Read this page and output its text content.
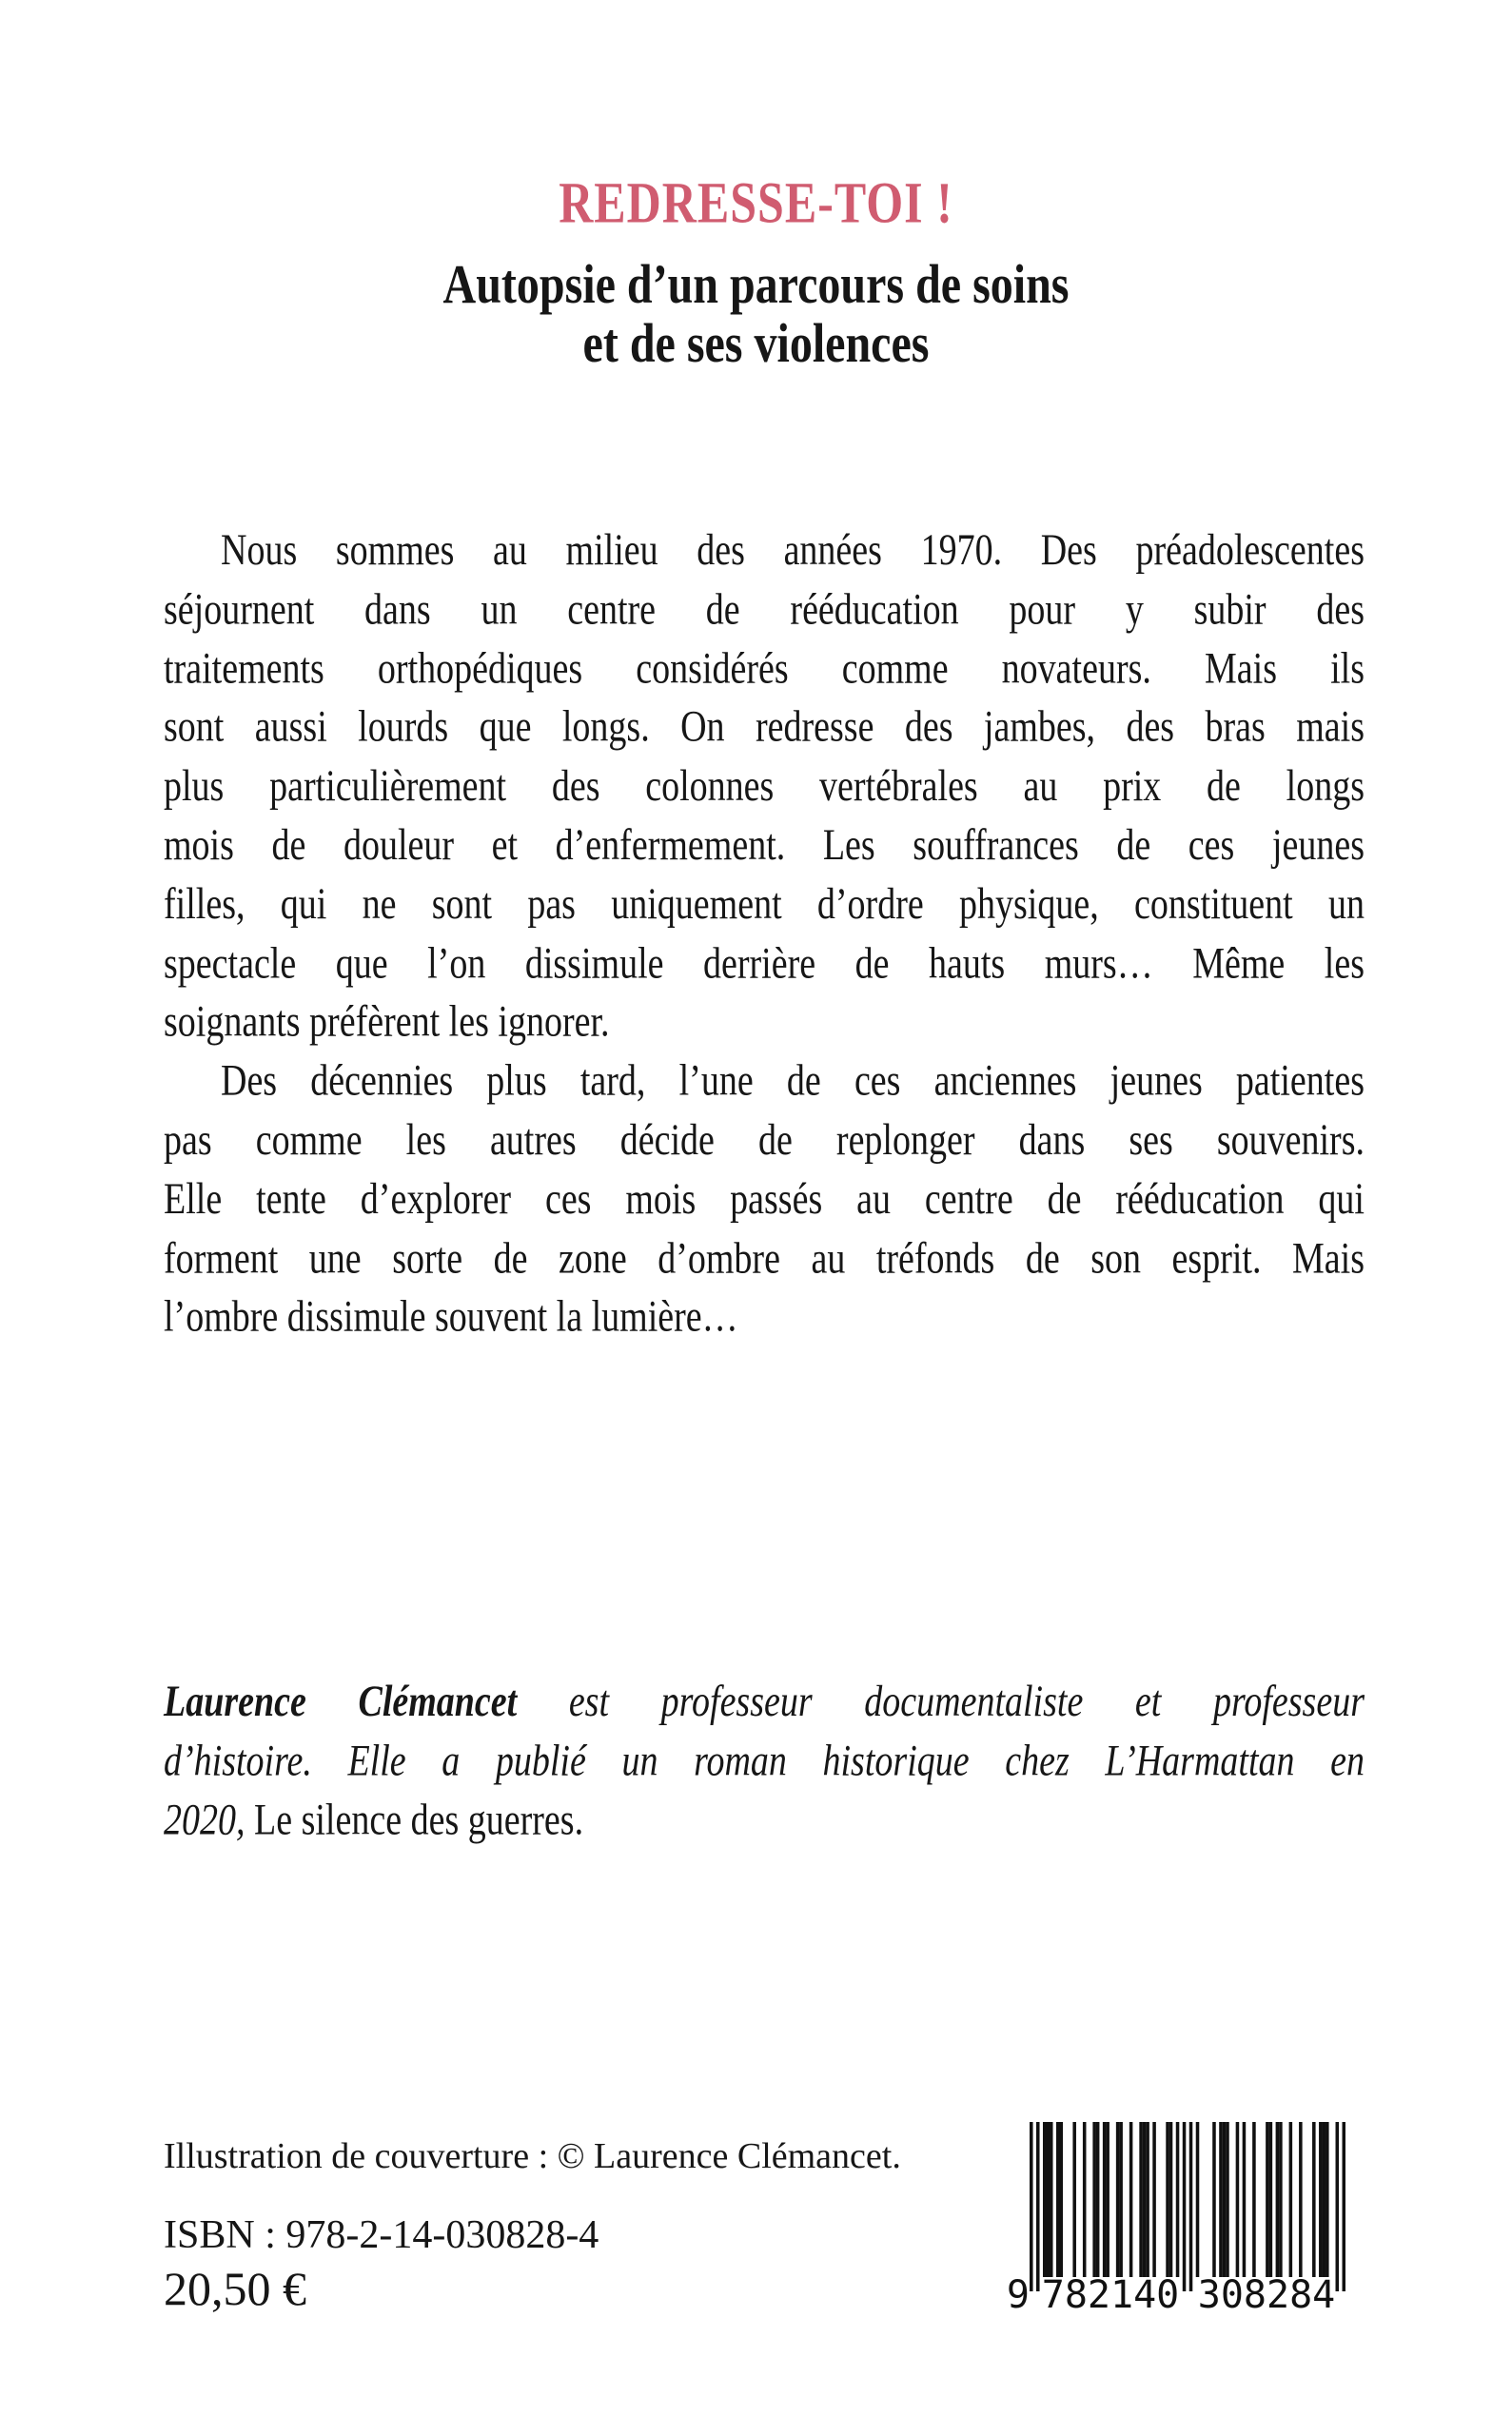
REDRESSE-TOI !
Autopsie d’un parcours de soins
et de ses violences
Nous sommes au milieu des années 1970. Des préadolescentes
séjournent dans un centre de rééducation pour y subir des
traitements orthopédiques considérés comme novateurs. Mais ils
sont aussi lourds que longs. On redresse des jambes, des bras mais
plus particulièrement des colonnes vertébrales au prix de longs
mois de douleur et d’enfermement. Les souffrances de ces jeunes
filles, qui ne sont pas uniquement d’ordre physique, constituent un
spectacle que l’on dissimule derrière de hauts murs… Même les
soignants préfèrent les ignorer.
Des décennies plus tard, l’une de ces anciennes jeunes patientes
pas comme les autres décide de replonger dans ses souvenirs.
Elle tente d’explorer ces mois passés au centre de rééducation qui
forment une sorte de zone d’ombre au tréfonds de son esprit. Mais
l’ombre dissimule souvent la lumière…
Laurence Clémancet est professeur documentaliste et professeur
d’histoire. Elle a publié un roman historique chez L’Harmattan en
2020, Le silence des guerres.
Illustration de couverture : © Laurence Clémancet.
ISBN : 978-2-14-030828-4
20,50 €	9 782140 308284
